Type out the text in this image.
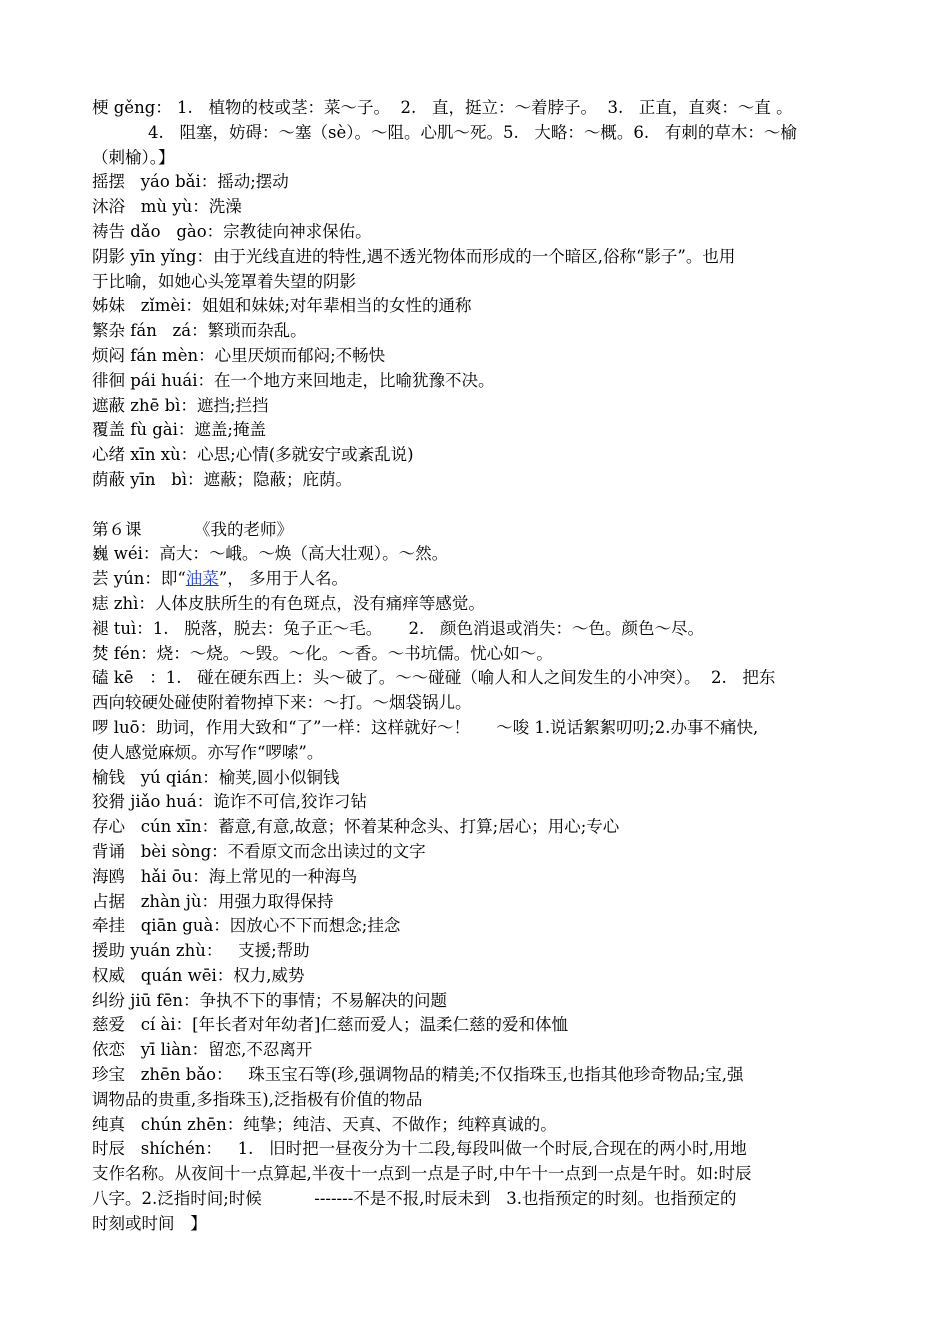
梗 gěng： 1.   植物的枝或茎：菜～子。  2.   直，挺立：～着脖子。  3.   正直，直爽：～直 。
4.   阻塞，妨碍：～塞（sè）。～阻。心肌～死。5.   大略：～概。6.   有刺的草木：～榆
（刺榆）。】
摇摆   yáo bǎi：摇动;摆动
沐浴   mù yù：洗澡
祷告 dǎo   gào：宗教徒向神求保佑。
阴影 yīn yǐng：由于光线直进的特性,遇不透光物体而形成的一个暗区,俗称“影子”。也用
于比喻，如她心头笼罩着失望的阴影
姊妹   zǐmèi：姐姐和妹妹;对年辈相当的女性的通称
繁杂 fán   zá：繁琐而杂乱。
烦闷 fán mèn：心里厌烦而郁闷;不畅快
徘徊 pái huái：在一个地方来回地走，比喻犹豫不决。
遮蔽 zhē bì：遮挡;拦挡
覆盖 fù gài：遮盖;掩盖
心绪 xīn xù：心思;心情(多就安宁或紊乱说)
荫蔽 yīn   bì：遮蔽；隐蔽；庇荫。
第６课          《我的老师》
巍 wéi：高大：～峨。～焕（高大壮观）。～然。
芸 yún：即“油菜”， 多用于人名。
痣 zhì：人体皮肤所生的有色斑点，没有痛痒等感觉。
褪 tuì：1.   脱落，脱去：兔子正～毛。     2.   颜色消退或消失：～色。颜色～尽。
焚 fén：烧：～烧。～毁。～化。～香。～书坑儒。忧心如～。
磕 kē   ：1.   碰在硬东西上：头～破了。～～碰碰（喻人和人之间发生的小冲突）。  2.   把东
西向较硬处碰使附着物掉下来：～打。～烟袋锅儿。
啰 luō：助词，作用大致和“了”一样：这样就好～！     ～唆 1.说话絮絮叨叨;2.办事不痛快,
使人感觉麻烦。亦写作“啰嗦”。
榆钱   yú qián：榆荚,圆小似铜钱
狡猾 jiǎo huá：诡诈不可信,狡诈刁钻
存心   cún xīn：蓄意,有意,故意；怀着某种念头、打算;居心；用心;专心
背诵   bèi sòng：不看原文而念出读过的文字
海鸥   hǎi ōu：海上常见的一种海鸟
占据   zhàn jù：用强力取得保持
牵挂   qiān guà：因放心不下而想念;挂念
援助 yuán zhù：   支援;帮助
权威   quán wēi：权力,威势
纠纷 jiū fēn：争执不下的事情；不易解决的问题
慈爱   cí ài：[年长者对年幼者]仁慈而爱人；温柔仁慈的爱和体恤
依恋   yī liàn：留恋,不忍离开
珍宝   zhēn bǎo：   珠玉宝石等(珍,强调物品的精美;不仅指珠玉,也指其他珍奇物品;宝,强
调物品的贵重,多指珠玉),泛指极有价值的物品
纯真   chún zhēn：纯挚；纯洁、天真、不做作；纯粹真诚的。
时辰   shíchén：   1.   旧时把一昼夜分为十二段,每段叫做一个时辰,合现在的两小时,用地
支作名称。从夜间十一点算起,半夜十一点到一点是子时,中午十一点到一点是午时。如:时辰
八字。2.泛指时间;时候          -------不是不报,时辰未到   3.也指预定的时刻。也指预定的
时刻或时间   】
